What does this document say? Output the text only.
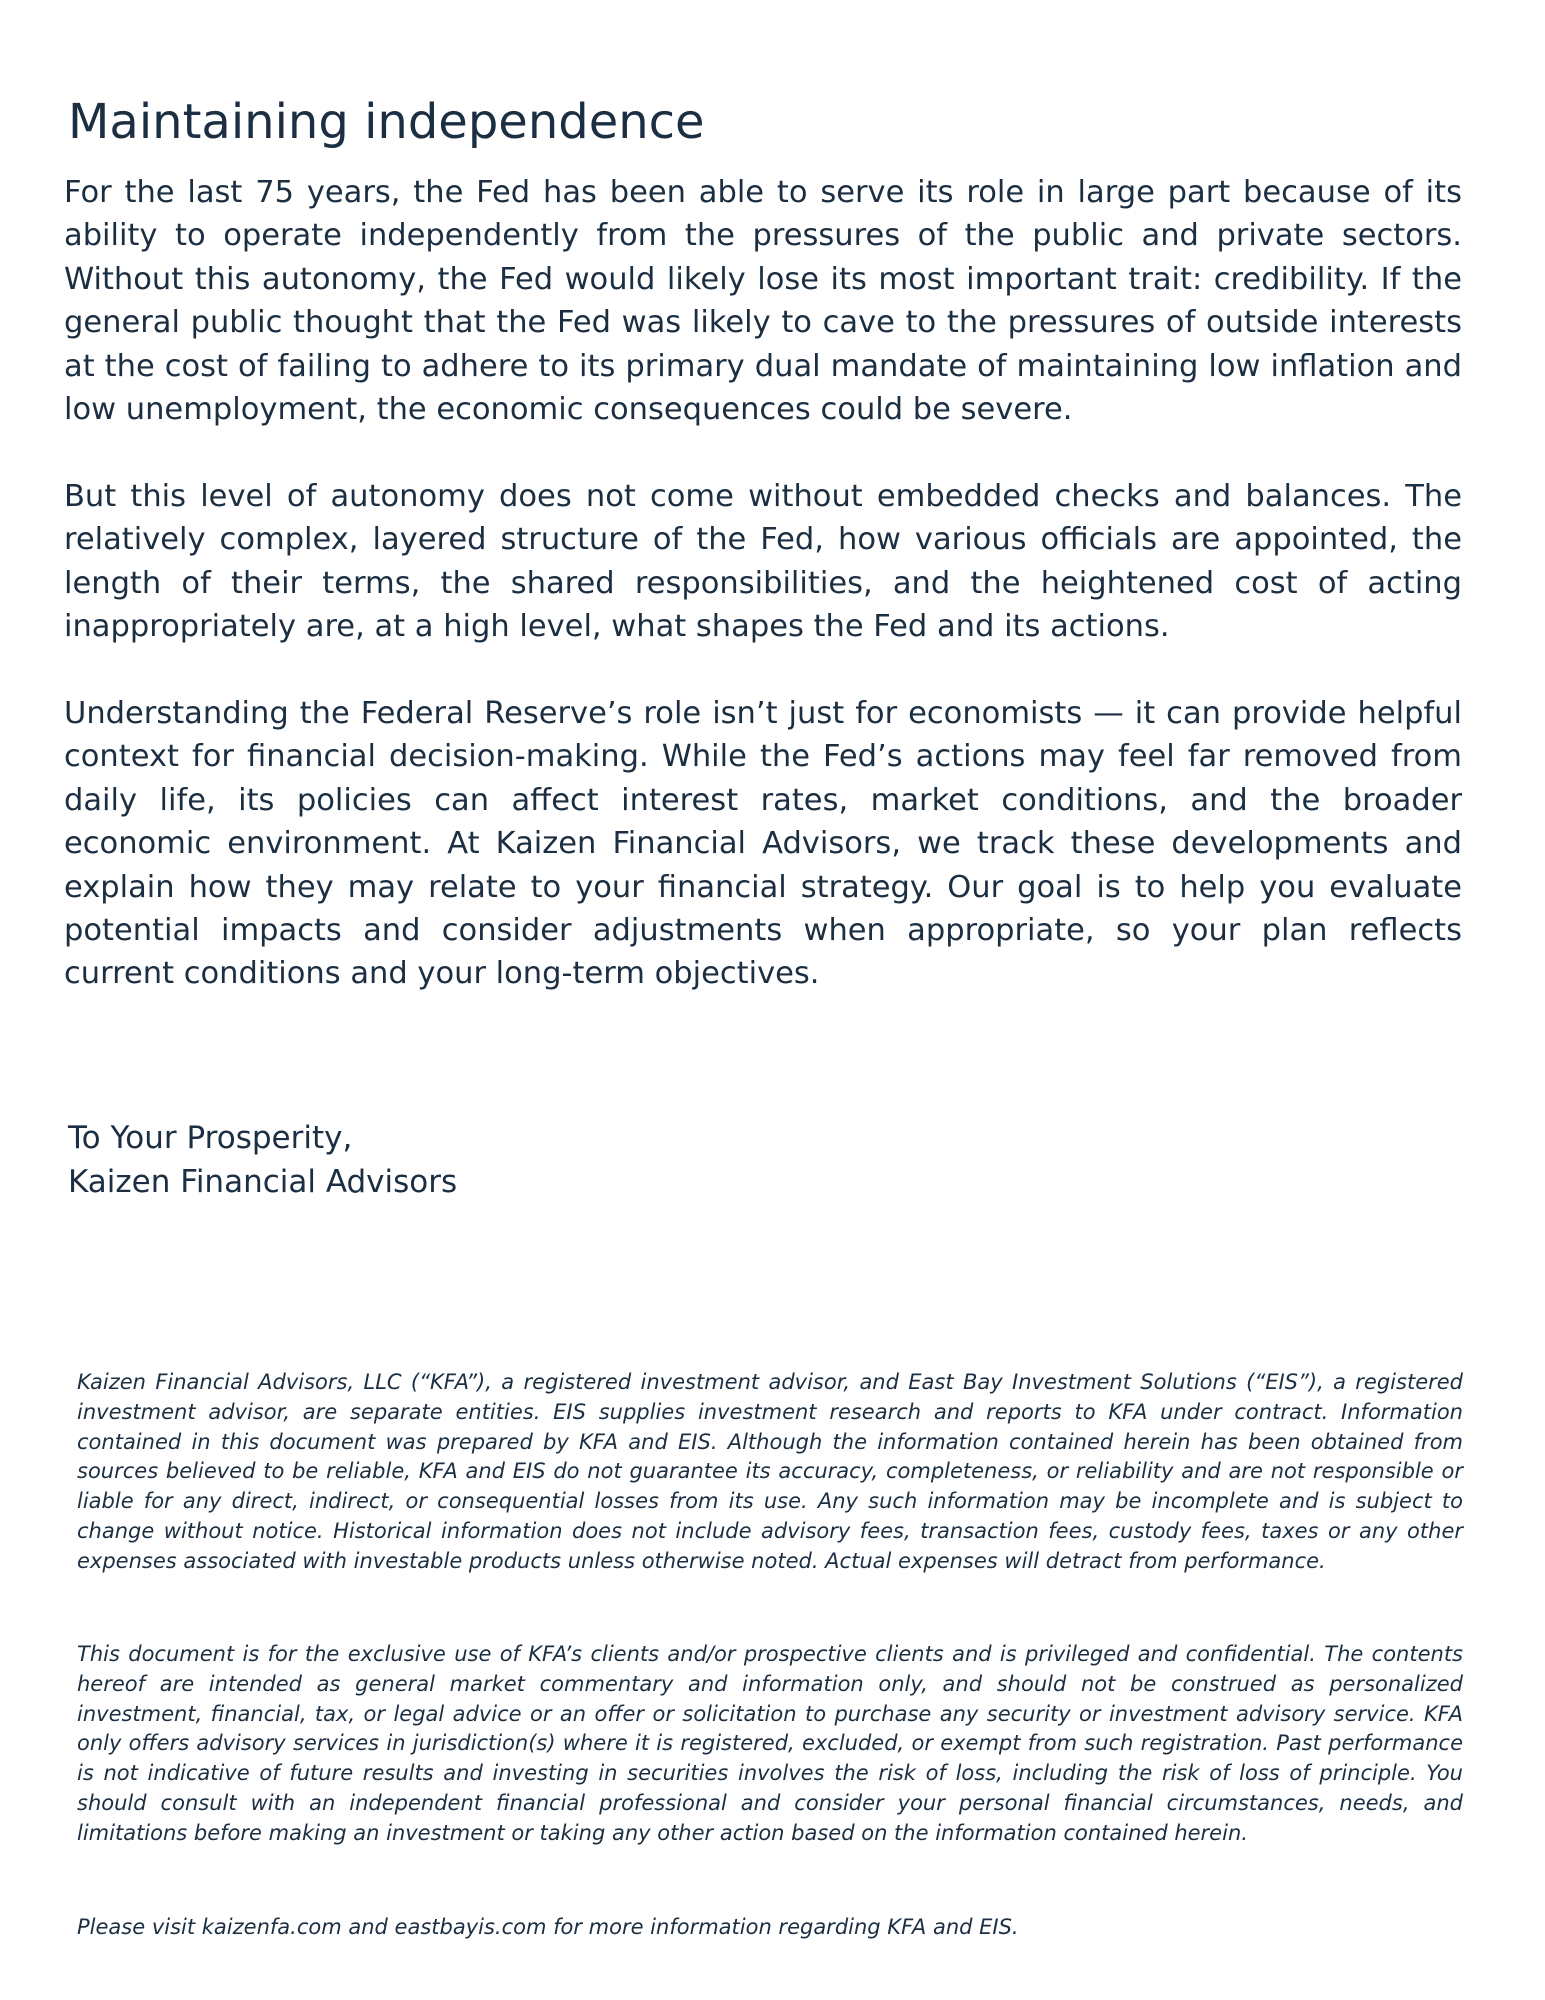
Maintaining independence

For the last 75 years, the Fed has been able to serve its role in large part because of its ability to operate independently from the pressures of the public and private sectors. Without this autonomy, the Fed would likely lose its most important trait: credibility. If the general public thought that the Fed was likely to cave to the pressures of outside interests at the cost of failing to adhere to its primary dual mandate of maintaining low inflation and low unemployment, the economic consequences could be severe.

But this level of autonomy does not come without embedded checks and balances. The relatively complex, layered structure of the Fed, how various officials are appointed, the length of their terms, the shared responsibilities, and the heightened cost of acting inappropriately are, at a high level, what shapes the Fed and its actions.

Understanding the Federal Reserve’s role isn’t just for economists — it can provide helpful context for financial decision-making. While the Fed’s actions may feel far removed from daily life, its policies can affect interest rates, market conditions, and the broader economic environment. At Kaizen Financial Advisors, we track these developments and explain how they may relate to your financial strategy. Our goal is to help you evaluate potential impacts and consider adjustments when appropriate, so your plan reflects current conditions and your long-term objectives.

To Your Prosperity,
Kaizen Financial Advisors

Kaizen Financial Advisors, LLC (“KFA”), a registered investment advisor, and East Bay Investment Solutions (“EIS”), a registered investment advisor, are separate entities. EIS supplies investment research and reports to KFA under contract. Information contained in this document was prepared by KFA and EIS. Although the information contained herein has been obtained from sources believed to be reliable, KFA and EIS do not guarantee its accuracy, completeness, or reliability and are not responsible or liable for any direct, indirect, or consequential losses from its use. Any such information may be incomplete and is subject to change without notice. Historical information does not include advisory fees, transaction fees, custody fees, taxes or any other expenses associated with investable products unless otherwise noted. Actual expenses will detract from performance.

This document is for the exclusive use of KFA’s clients and/or prospective clients and is privileged and confidential. The contents hereof are intended as general market commentary and information only, and should not be construed as personalized investment, financial, tax, or legal advice or an offer or solicitation to purchase any security or investment advisory service. KFA only offers advisory services in jurisdiction(s) where it is registered, excluded, or exempt from such registration. Past performance is not indicative of future results and investing in securities involves the risk of loss, including the risk of loss of principle. You should consult with an independent financial professional and consider your personal financial circumstances, needs, and limitations before making an investment or taking any other action based on the information contained herein.

Please visit kaizenfa.com and eastbayis.com for more information regarding KFA and EIS.
